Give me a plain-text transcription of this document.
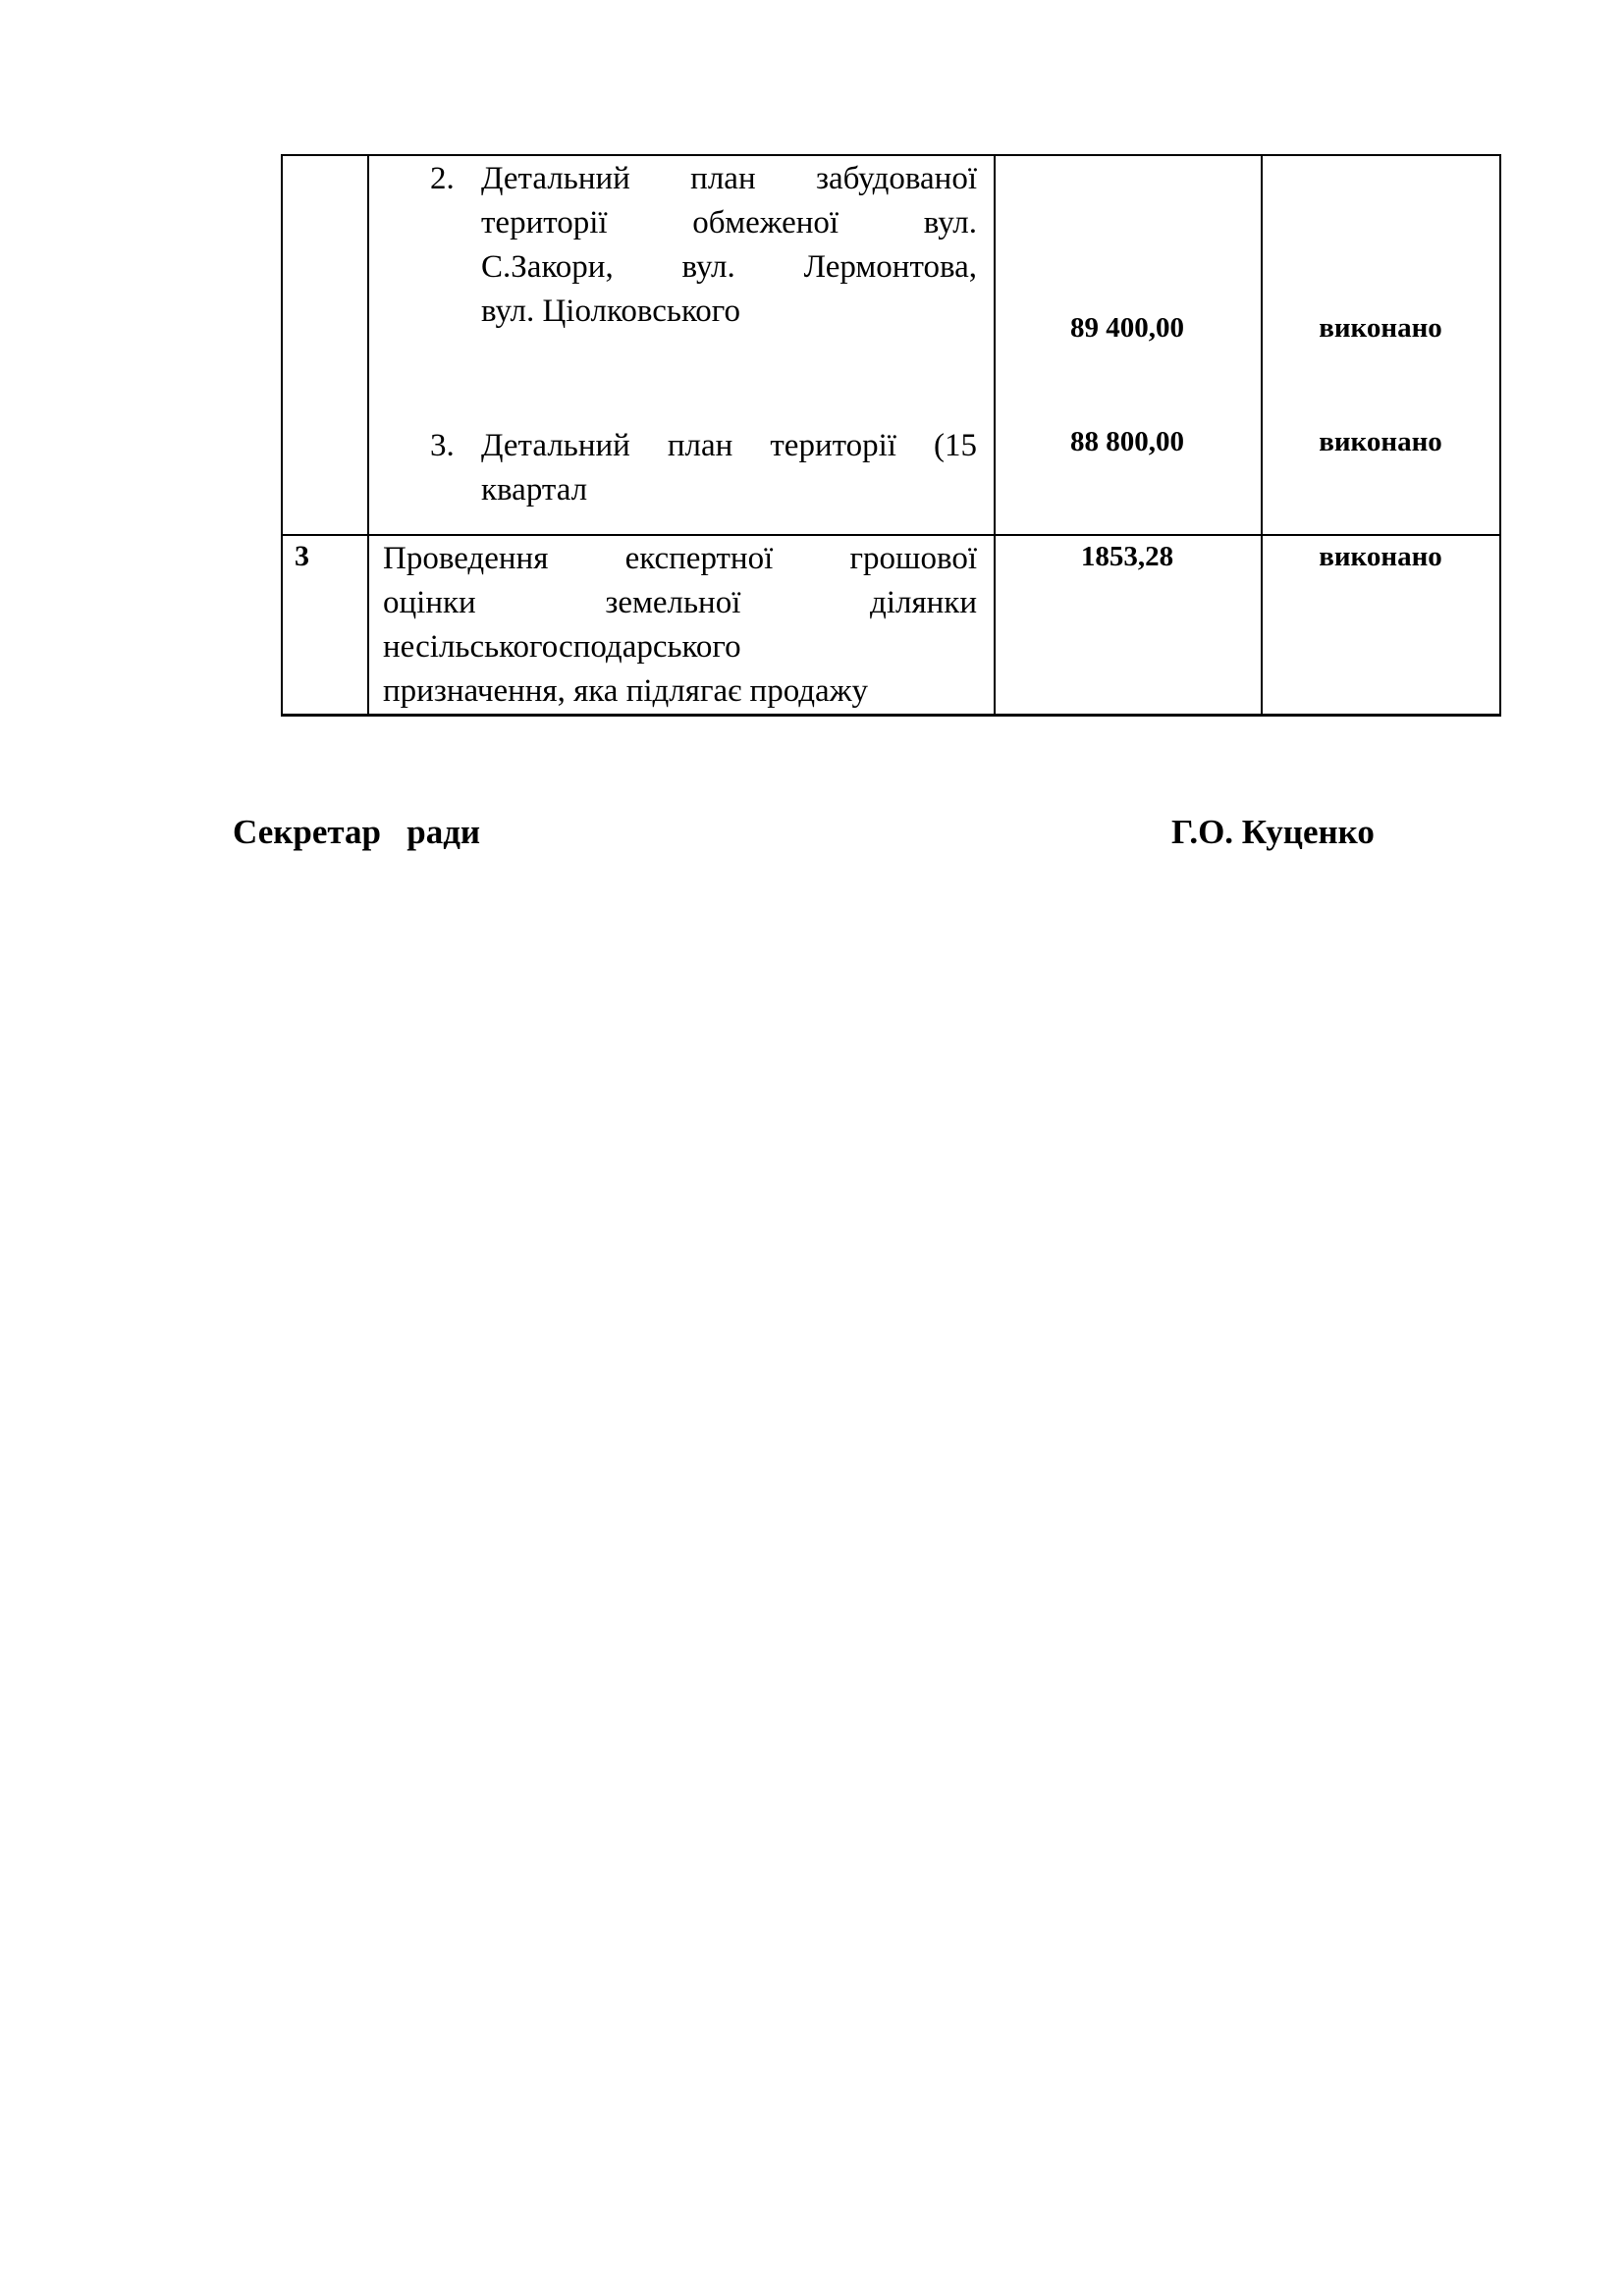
2. Детальний план забудованої
території обмеженої вул.
С.Закори, вул. Лермонтова,
вул. Ціолковського	89 400,00	виконано
3. Детальний план території (15
квартал
88 800,00	виконано
3 Проведення експертної грошової
оцінки земельної ділянки
несільськогосподарського
призначення, яка підлягає продажу
1853,28	виконано
Секретар   ради	Г.О. Куценко
